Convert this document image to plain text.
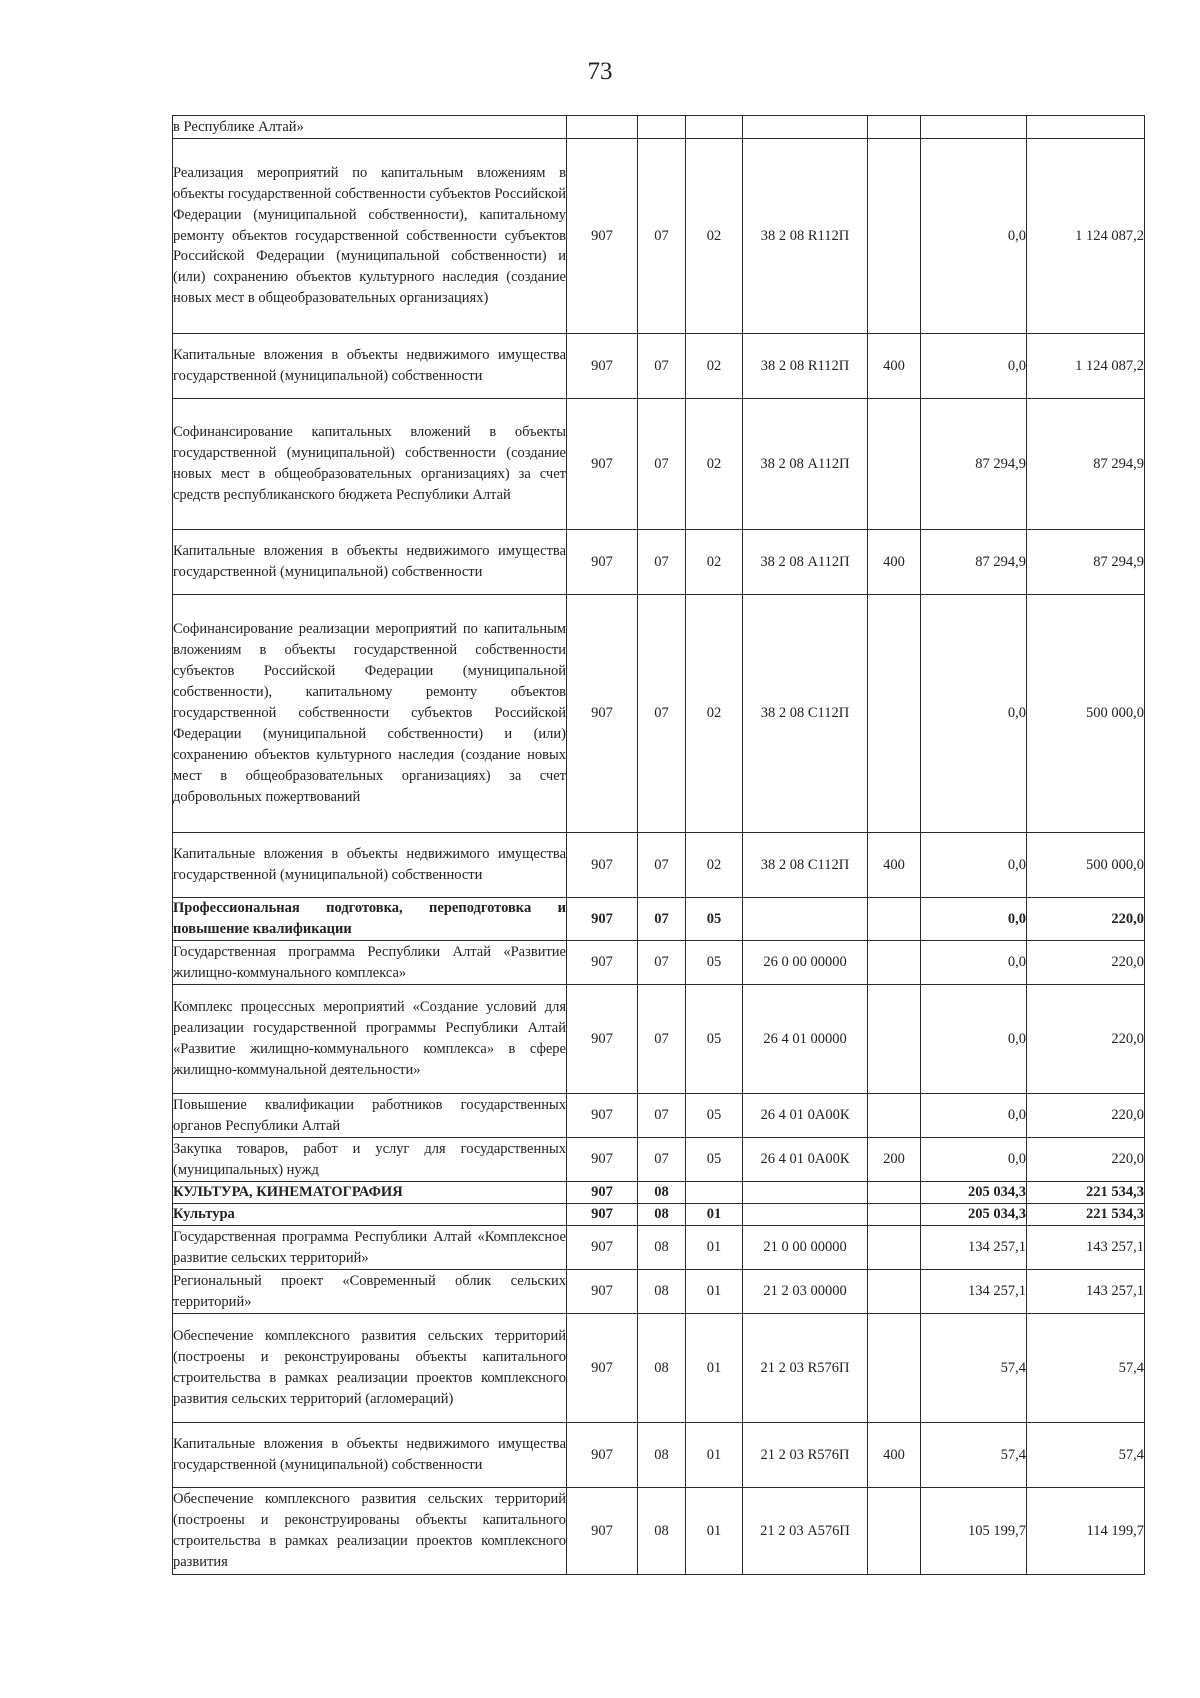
73
в Республике Алтай»							
Реализация мероприятий по капитальным вложениям в объекты государственной собственности субъектов Российской Федерации (муниципальной собственности), капитальному ремонту объектов государственной собственности субъектов Российской Федерации (муниципальной собственности) и (или) сохранению объектов культурного наследия (создание новых мест в общеобразовательных организациях)	907	07	02	38 2 08 R112П		0,0	1 124 087,2
Капитальные вложения в объекты недвижимого имущества государственной (муниципальной) собственности	907	07	02	38 2 08 R112П	400	0,0	1 124 087,2
Софинансирование капитальных вложений в объекты государственной (муниципальной) собственности (создание новых мест в общеобразовательных организациях) за счет средств республиканского бюджета Республики Алтай	907	07	02	38 2 08 А112П		87 294,9	87 294,9
Капитальные вложения в объекты недвижимого имущества государственной (муниципальной) собственности	907	07	02	38 2 08 А112П	400	87 294,9	87 294,9
Софинансирование реализации мероприятий по капитальным вложениям в объекты государственной собственности субъектов Российской Федерации (муниципальной собственности), капитальному ремонту объектов государственной собственности субъектов Российской Федерации (муниципальной собственности) и (или) сохранению объектов культурного наследия (создание новых мест в общеобразовательных организациях) за счет добровольных пожертвований	907	07	02	38 2 08 С112П		0,0	500 000,0
Капитальные вложения в объекты недвижимого имущества государственной (муниципальной) собственности	907	07	02	38 2 08 С112П	400	0,0	500 000,0
Профессиональная подготовка, переподготовка и повышение квалификации	907	07	05			0,0	220,0
Государственная программа Республики Алтай «Развитие жилищно-коммунального комплекса»	907	07	05	26 0 00 00000		0,0	220,0
Комплекс процессных мероприятий «Создание условий для реализации государственной программы Республики Алтай «Развитие жилищно-коммунального комплекса» в сфере жилищно-коммунальной деятельности»	907	07	05	26 4 01 00000		0,0	220,0
Повышение квалификации работников государственных органов Республики Алтай	907	07	05	26 4 01 0А00К		0,0	220,0
Закупка товаров, работ и услуг для государственных (муниципальных) нужд	907	07	05	26 4 01 0А00К	200	0,0	220,0
КУЛЬТУРА, КИНЕМАТОГРАФИЯ	907	08				205 034,3	221 534,3
Культура	907	08	01			205 034,3	221 534,3
Государственная программа Республики Алтай «Комплексное развитие сельских территорий»	907	08	01	21 0 00 00000		134 257,1	143 257,1
Региональный проект «Современный облик сельских территорий»	907	08	01	21 2 03 00000		134 257,1	143 257,1
Обеспечение комплексного развития сельских территорий (построены и реконструированы объекты капитального строительства в рамках реализации проектов комплексного развития сельских территорий (агломераций)	907	08	01	21 2 03 R576П		57,4	57,4
Капитальные вложения в объекты недвижимого имущества государственной (муниципальной) собственности	907	08	01	21 2 03 R576П	400	57,4	57,4
Обеспечение комплексного развития сельских территорий (построены и реконструированы объекты капитального строительства в рамках реализации проектов комплексного развития	907	08	01	21 2 03 А576П		105 199,7	114 199,7
